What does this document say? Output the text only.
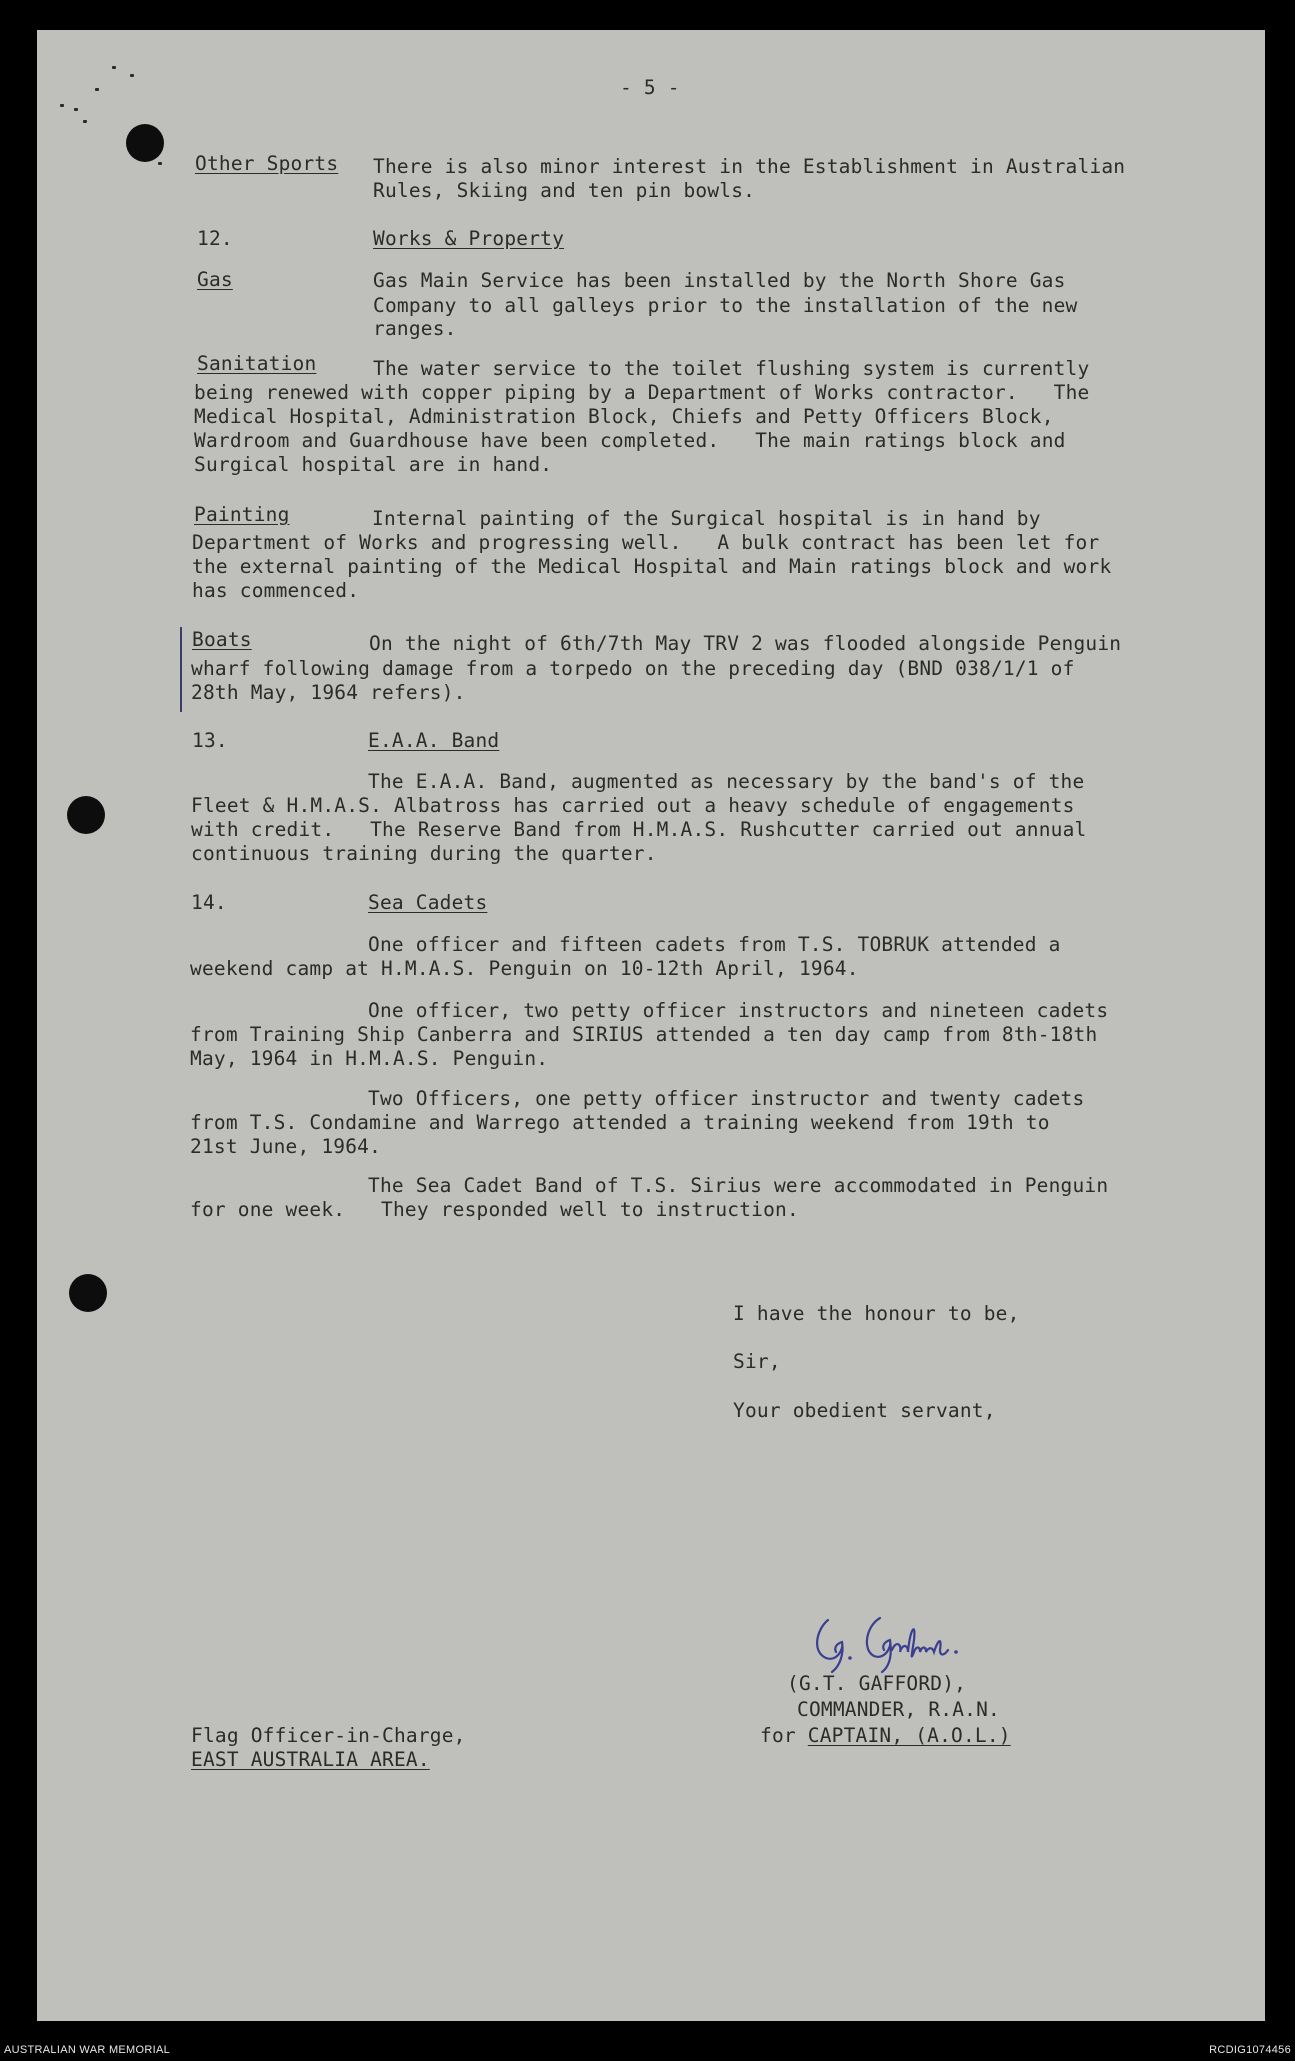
- 5 -

Other Sports There is also minor interest in the Establishment in Australian

Rules, Skiing and ten pin bowls.

12.	Works & Property

Gas	Gas Main Service has been installed by the North Shore Gas

Company to all galleys prior to the installation of the new

ranges.

Sanitation	The water service to the toilet flushing system is currently

being renewed with copper piping by a Department of Works contractor.   The

Medical Hospital, Administration Block, Chiefs and Petty Officers Block,

Wardroom and Guardhouse have been completed.   The main ratings block and

Surgical hospital are in hand.

Painting	Internal painting of the Surgical hospital is in hand by

Department of Works and progressing well.   A bulk contract has been let for

the external painting of the Medical Hospital and Main ratings block and work

has commenced.

Boats	On the night of 6th/7th May TRV 2 was flooded alongside Penguin

wharf following damage from a torpedo on the preceding day (BND 038/1/1 of

28th May, 1964 refers).

13.	E.A.A. Band

The E.A.A. Band, augmented as necessary by the band's of the

Fleet & H.M.A.S. Albatross has carried out a heavy schedule of engagements

with credit.   The Reserve Band from H.M.A.S. Rushcutter carried out annual

continuous training during the quarter.

14.	Sea Cadets

One officer and fifteen cadets from T.S. TOBRUK attended a

weekend camp at H.M.A.S. Penguin on 10-12th April, 1964.

One officer, two petty officer instructors and nineteen cadets

from Training Ship Canberra and SIRIUS attended a ten day camp from 8th-18th

May, 1964 in H.M.A.S. Penguin.

Two Officers, one petty officer instructor and twenty cadets

from T.S. Condamine and Warrego attended a training weekend from 19th to

21st June, 1964.

The Sea Cadet Band of T.S. Sirius were accommodated in Penguin

for one week.   They responded well to instruction.

I have the honour to be,

Sir,

Your obedient servant,

(G.T. GAFFORD),

COMMANDER, R.A.N.

for CAPTAIN, (A.O.L.)

Flag Officer-in-Charge,

EAST AUSTRALIA AREA.

AUSTRALIAN WAR MEMORIAL	RCDIG1074456
